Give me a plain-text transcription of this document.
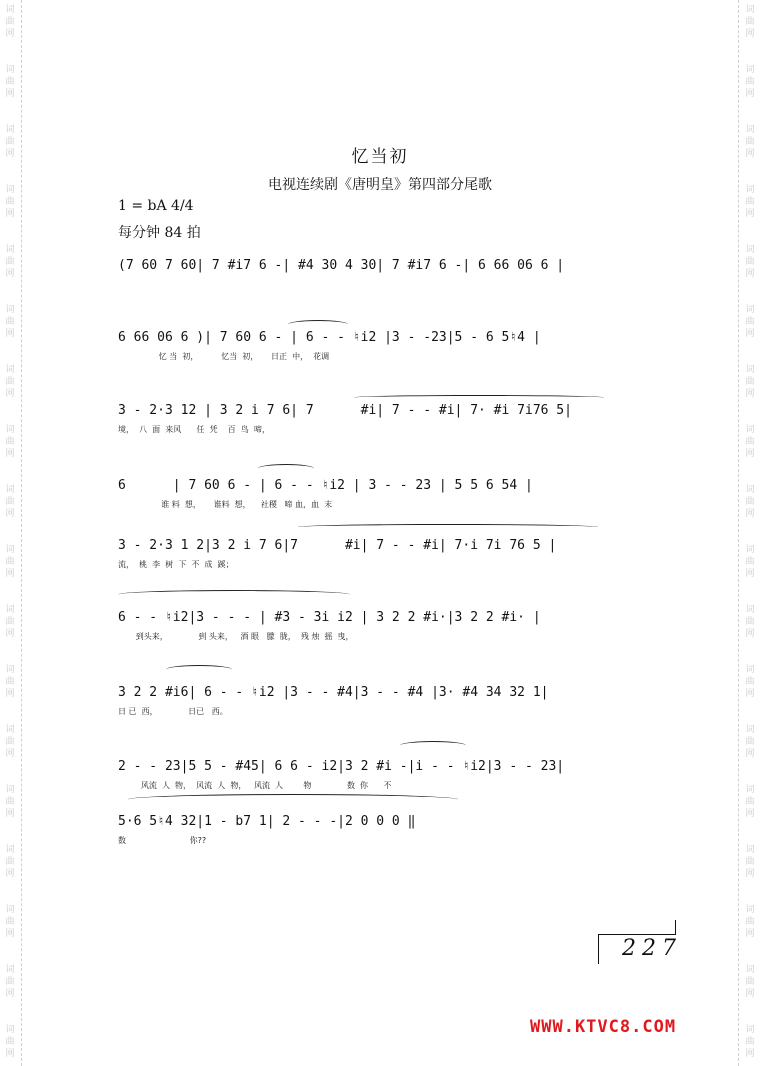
词
曲
网
词
曲
网
词
曲
网
词
曲
网
词
曲
网
词
曲
网
词
曲
网
词
曲
网
词
曲
网
词
曲
网
词
曲
网
词
曲
网
词
曲
网
词
曲
网
词
曲
网
词
曲
网
词
曲
网
词
曲
网
词
曲
网
词
曲
网
词
曲
网
词
曲
网
词
曲
网
词
曲
网
词
曲
网
词
曲
网
词
曲
网
词
曲
网
词
曲
网
词
曲
网
词
曲
网
词
曲
网
词
曲
网
词
曲
网
词
曲
网
词
曲
网
忆当初
电视连续剧《唐明皇》第四部分尾歌
1 = bA 4/4
每分钟 84 拍
(7 60 7 60| 7 #i7 6 -| #4 30 4 30| 7 #i7 6 -| 6 66 06 6 |
6 66 06 6 )| 7 60 6 - | 6 - - ♮i2 |3 - -23|5 - 6 5♮4 |
忆 当  初，         忆当  初，     日正  中，  花调
3 - 2·3 12 | 3 2 i 7 6| 7      #i| 7 - - #i| 7· #i 7i76 5|
境，  八  面  来风      任  凭    百  鸟  啼，
6      | 7 60 6 - | 6 - - ♮i2 | 3 - - 23 | 5 5 6 54 |
谁 料  想，     谁料  想，    社稷   啼 血，血  末
3 - 2·3 1 2|3 2 i 7 6|7      #i| 7 - - #i| 7·i 7i 76 5 |
流，  桃  李  树  下  不  成  蹊；
6 - - ♮i2|3 - - - | #3 - 3i i2 | 3 2 2 #i·|3 2 2 #i· |
到头来，            到 头来，   酒 眼   朦  胧，  残 烛  摇  曳，
3 2 2 #i6| 6 - - ♮i2 |3 - - #4|3 - - #4 |3· #4 34 32 1|
日 已  西，            日已   西。
2 - - 23|5 5 - #45| 6 6 - i2|3 2 #i -|i - - ♮i2|3 - - 23|
风流  人  物，  风流  人  物，   风流  人        物              数  你      不
5·6 5♮4 32|1 - b7 1| 2 - - -|2 0 0 0 ‖
数                         你??
227
WWW.KTVC8.COM
